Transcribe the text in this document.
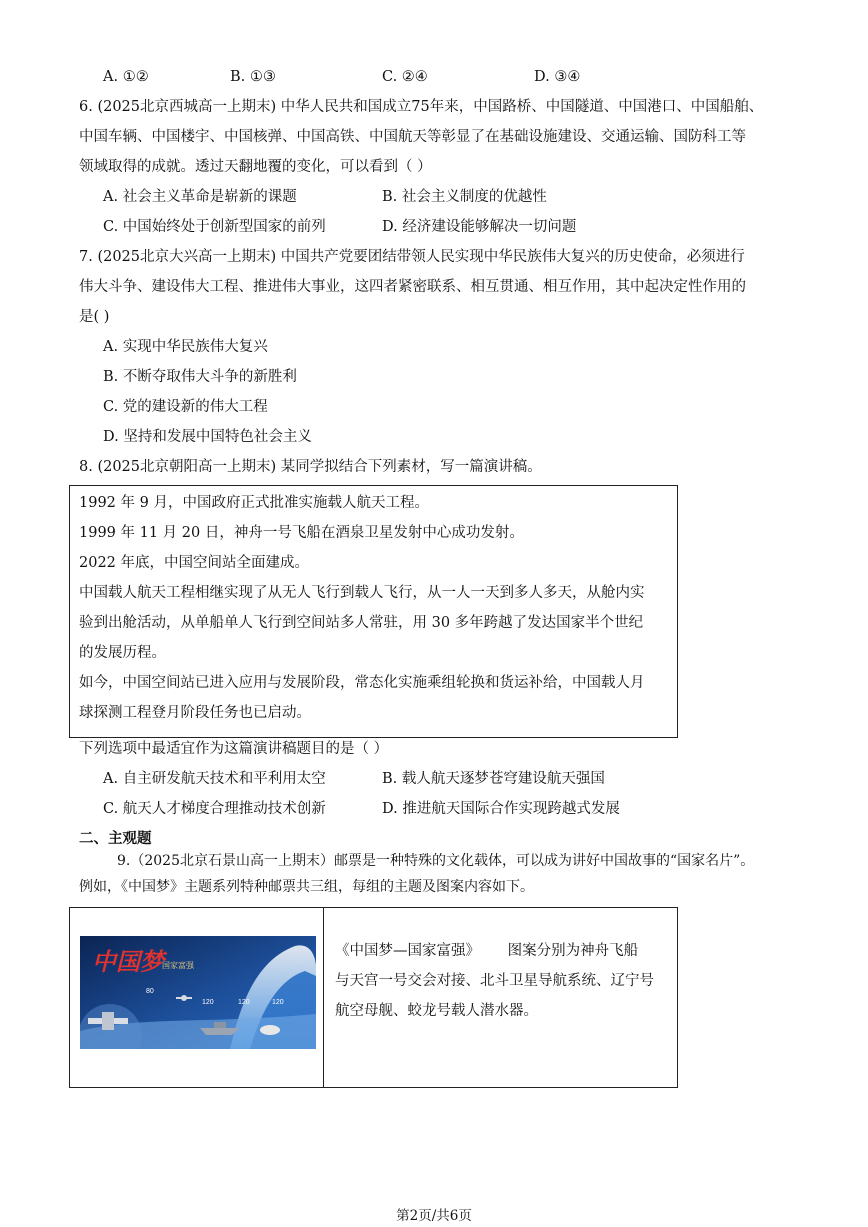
A. ①②	B. ①③	C. ②④	D. ③④
6. (2025北京西城高一上期末) 中华人民共和国成立75年来，中国路桥、中国隧道、中国港口、中国船舶、
中国车辆、中国楼宇、中国核弹、中国高铁、中国航天等彰显了在基础设施建设、交通运输、国防科工等
领域取得的成就。透过天翻地覆的变化，可以看到（ ）
A. 社会主义革命是崭新的课题	B. 社会主义制度的优越性
C. 中国始终处于创新型国家的前列	D. 经济建设能够解决一切问题
7. (2025北京大兴高一上期末) 中国共产党要团结带领人民实现中华民族伟大复兴的历史使命，必须进行
伟大斗争、建设伟大工程、推进伟大事业，这四者紧密联系、相互贯通、相互作用，其中起决定性作用的
是( )
A. 实现中华民族伟大复兴
B. 不断夺取伟大斗争的新胜利
C. 党的建设新的伟大工程
D. 坚持和发展中国特色社会主义
8. (2025北京朝阳高一上期末) 某同学拟结合下列素材，写一篇演讲稿。
1992 年 9 月，中国政府正式批准实施载人航天工程。
1999 年 11 月 20 日，神舟一号飞船在酒泉卫星发射中心成功发射。
2022 年底，中国空间站全面建成。
中国载人航天工程相继实现了从无人飞行到载人飞行，从一人一天到多人多天，从舱内实
验到出舱活动，从单船单人飞行到空间站多人常驻，用 30 多年跨越了发达国家半个世纪
的发展历程。
如今，中国空间站已进入应用与发展阶段，常态化实施乘组轮换和货运补给，中国载人月
球探测工程登月阶段任务也已启动。
下列选项中最适宜作为这篇演讲稿题目的是（ ）
A. 自主研发航天技术和平利用太空	B. 载人航天逐梦苍穹建设航天强国
C. 航天人才梯度合理推动技术创新	D. 推进航天国际合作实现跨越式发展
二、主观题
9.（2025北京石景山高一上期末）邮票是一种特殊的文化载体，可以成为讲好中国故事的“国家名片”。
例如，《中国梦》主题系列特种邮票共三组，每组的主题及图案内容如下。
中国梦
国家富强
80
120	120	120
《中国梦—国家富强》      图案分别为神舟飞船
与天宫一号交会对接、北斗卫星导航系统、辽宁号
航空母舰、蛟龙号载人潜水器。
第2页/共6页
